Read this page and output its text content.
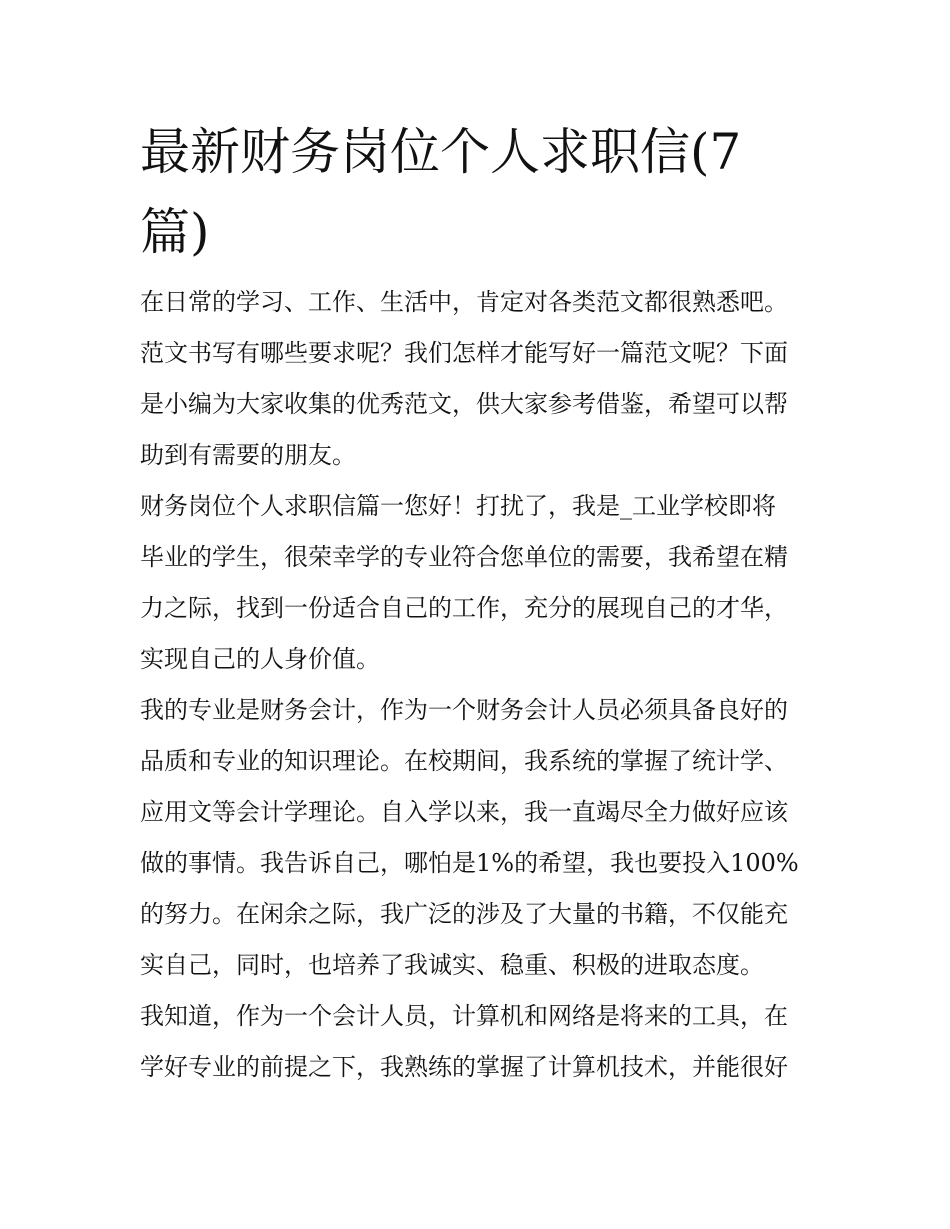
最新财务岗位个人求职信(7
篇)
在日常的学习、工作、生活中，肯定对各类范文都很熟悉吧。
范文书写有哪些要求呢？我们怎样才能写好一篇范文呢？下面
是小编为大家收集的优秀范文，供大家参考借鉴，希望可以帮
助到有需要的朋友。
财务岗位个人求职信篇一您好！打扰了，我是_工业学校即将
毕业的学生，很荣幸学的专业符合您单位的需要，我希望在精
力之际，找到一份适合自己的工作，充分的展现自己的才华，
实现自己的人身价值。
我的专业是财务会计，作为一个财务会计人员必须具备良好的
品质和专业的知识理论。在校期间，我系统的掌握了统计学、
应用文等会计学理论。自入学以来，我一直竭尽全力做好应该
做的事情。我告诉自己，哪怕是1%的希望，我也要投入100%
的努力。在闲余之际，我广泛的涉及了大量的书籍，不仅能充
实自己，同时，也培养了我诚实、稳重、积极的进取态度。
我知道，作为一个会计人员，计算机和网络是将来的工具，在
学好专业的前提之下，我熟练的掌握了计算机技术，并能很好
